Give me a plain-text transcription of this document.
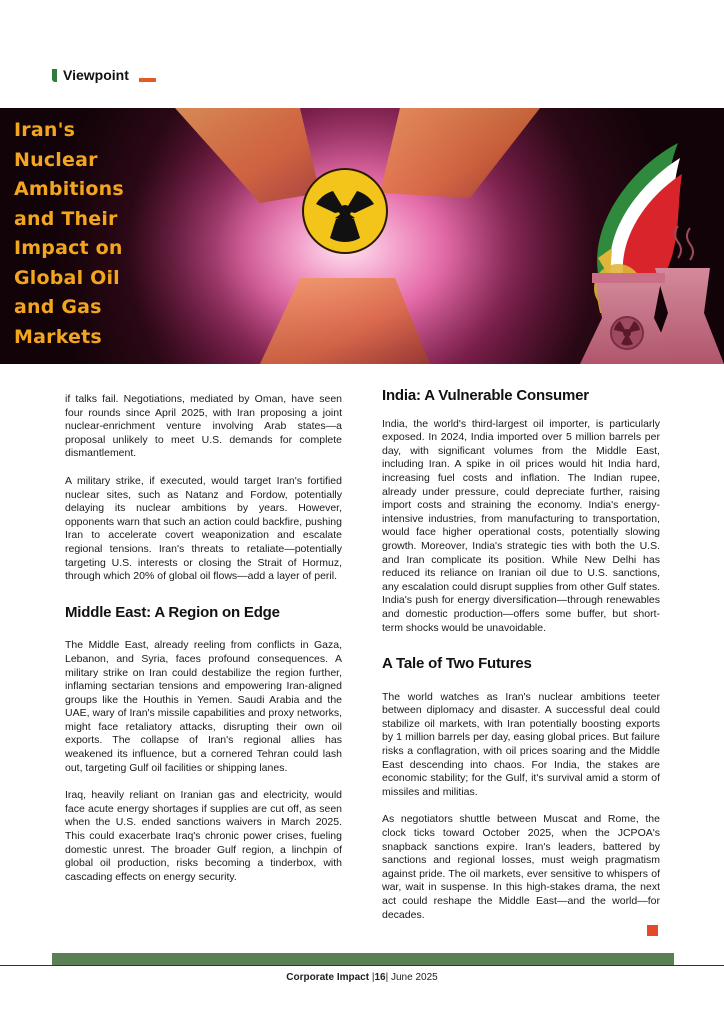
Viewpoint
Iran's Nuclear Ambitions and Their Impact on Global Oil and Gas Markets

if talks fail. Negotiations, mediated by Oman, have seen four rounds since April 2025, with Iran proposing a joint nuclear-enrichment venture involving Arab states—a proposal unlikely to meet U.S. demands for complete dismantlement.

A military strike, if executed, would target Iran's fortified nuclear sites, such as Natanz and Fordow, potentially delaying its nuclear ambitions by years. However, opponents warn that such an action could backfire, pushing Iran to accelerate covert weaponization and escalate regional tensions. Iran's threats to retaliate—potentially targeting U.S. interests or closing the Strait of Hormuz, through which 20% of global oil flows—add a layer of peril.

Middle East: A Region on Edge

The Middle East, already reeling from conflicts in Gaza, Lebanon, and Syria, faces profound consequences. A military strike on Iran could destabilize the region further, inflaming sectarian tensions and empowering Iran-aligned groups like the Houthis in Yemen. Saudi Arabia and the UAE, wary of Iran's missile capabilities and proxy networks, might face retaliatory attacks, disrupting their own oil exports. The collapse of Iran's regional allies has weakened its influence, but a cornered Tehran could lash out, targeting Gulf oil facilities or shipping lanes.

Iraq, heavily reliant on Iranian gas and electricity, would face acute energy shortages if supplies are cut off, as seen when the U.S. ended sanctions waivers in March 2025. This could exacerbate Iraq's chronic power crises, fueling domestic unrest. The broader Gulf region, a linchpin of global oil production, risks becoming a tinderbox, with cascading effects on energy security.

India: A Vulnerable Consumer

India, the world's third-largest oil importer, is particularly exposed. In 2024, India imported over 5 million barrels per day, with significant volumes from the Middle East, including Iran. A spike in oil prices would hit India hard, increasing fuel costs and inflation. The Indian rupee, already under pressure, could depreciate further, raising import costs and straining the economy. India's energy-intensive industries, from manufacturing to transportation, would face higher operational costs, potentially slowing growth. Moreover, India's strategic ties with both the U.S. and Iran complicate its position. While New Delhi has reduced its reliance on Iranian oil due to U.S. sanctions, any escalation could disrupt supplies from other Gulf states. India's push for energy diversification—through renewables and domestic production—offers some buffer, but short-term shocks would be unavoidable.

A Tale of Two Futures

The world watches as Iran's nuclear ambitions teeter between diplomacy and disaster. A successful deal could stabilize oil markets, with Iran potentially boosting exports by 1 million barrels per day, easing global prices. But failure risks a conflagration, with oil prices soaring and the Middle East descending into chaos. For India, the stakes are economic stability; for the Gulf, it's survival amid a storm of missiles and militias.

As negotiators shuttle between Muscat and Rome, the clock ticks toward October 2025, when the JCPOA's snapback sanctions expire. Iran's leaders, battered by sanctions and regional losses, must weigh pragmatism against pride. The oil markets, ever sensitive to whispers of war, wait in suspense. In this high-stakes drama, the next act could reshape the Middle East—and the world—for decades.

Corporate Impact |16| June 2025
